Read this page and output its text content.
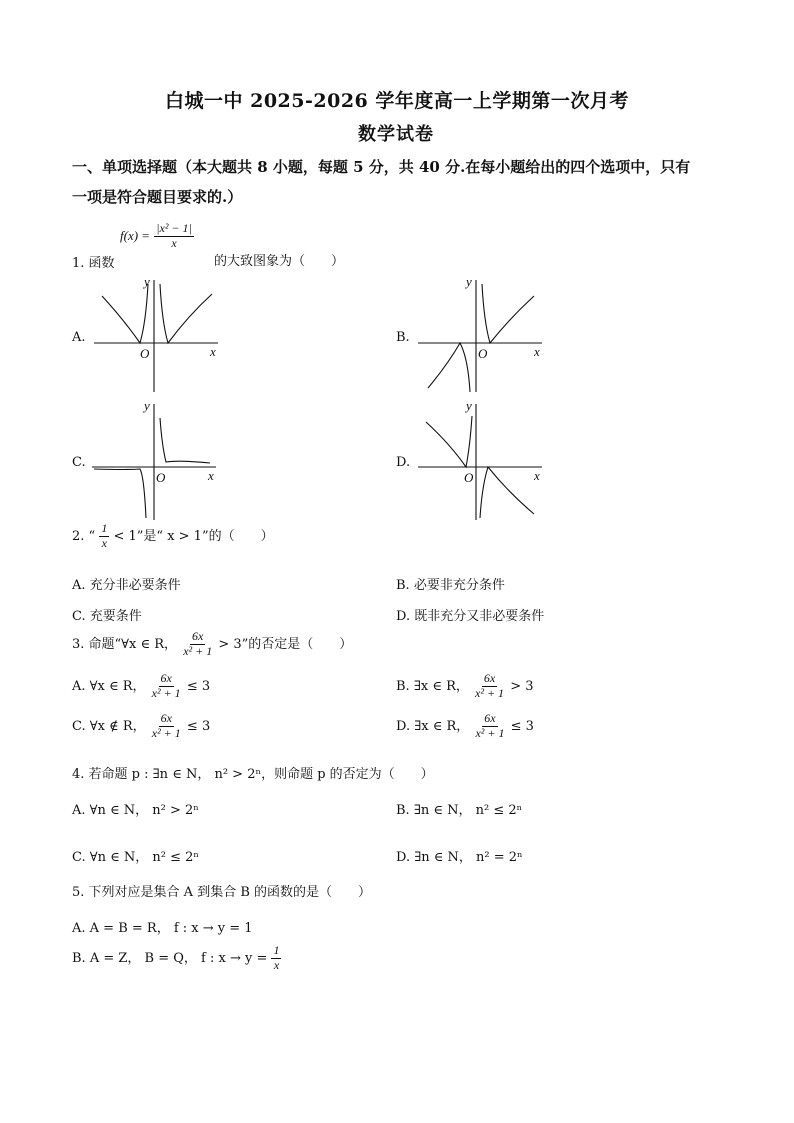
白城一中 2025-2026 学年度高一上学期第一次月考
数学试卷
一、单项选择题（本大题共 8 小题，每题 5 分，共 40 分.在每小题给出的四个选项中，只有
一项是符合题目要求的.）
$f(x) = \frac{\text{|x² − 1|}}{x}$
1. 函数	的大致图象为（　　）
A.
y
x
O
B.
y
x
O
C.
y
x
O
D.
y
x
O
2. “ $\frac{1}{x} < 1$”是“ x > 1”的（　　）
A. 充分非必要条件	B. 必要非充分条件
C. 充要条件	D. 既非充分又非必要条件
3. 命题“∀x ∈ R， $\frac{6x}{\text{x² + 1}} > 3$”的否定是（　　）
A. ∀x ∈ R， $\frac{6x}{\text{x² + 1}} \le 3$	B. ∃x ∈ R， $\frac{6x}{\text{x² + 1}} > 3$
C. ∀x ∉ R， $\frac{6x}{\text{x² + 1}} \le 3$	D. ∃x ∈ R， $\frac{6x}{\text{x² + 1}} \le 3$
4. 若命题 p : ∃n ∈ N， n² > 2ⁿ，则命题 p 的否定为（　　）
A. ∀n ∈ N， n² > 2ⁿ	B. ∃n ∈ N， n² ≤ 2ⁿ
C. ∀n ∈ N， n² ≤ 2ⁿ	D. ∃n ∈ N， n² = 2ⁿ
5. 下列对应是集合 A 到集合 B 的函数的是（　　）
A. A = B = R， f : x → y = 1
B. A = Z， B = Q， f : $x \to y = \frac{1}{x}$
